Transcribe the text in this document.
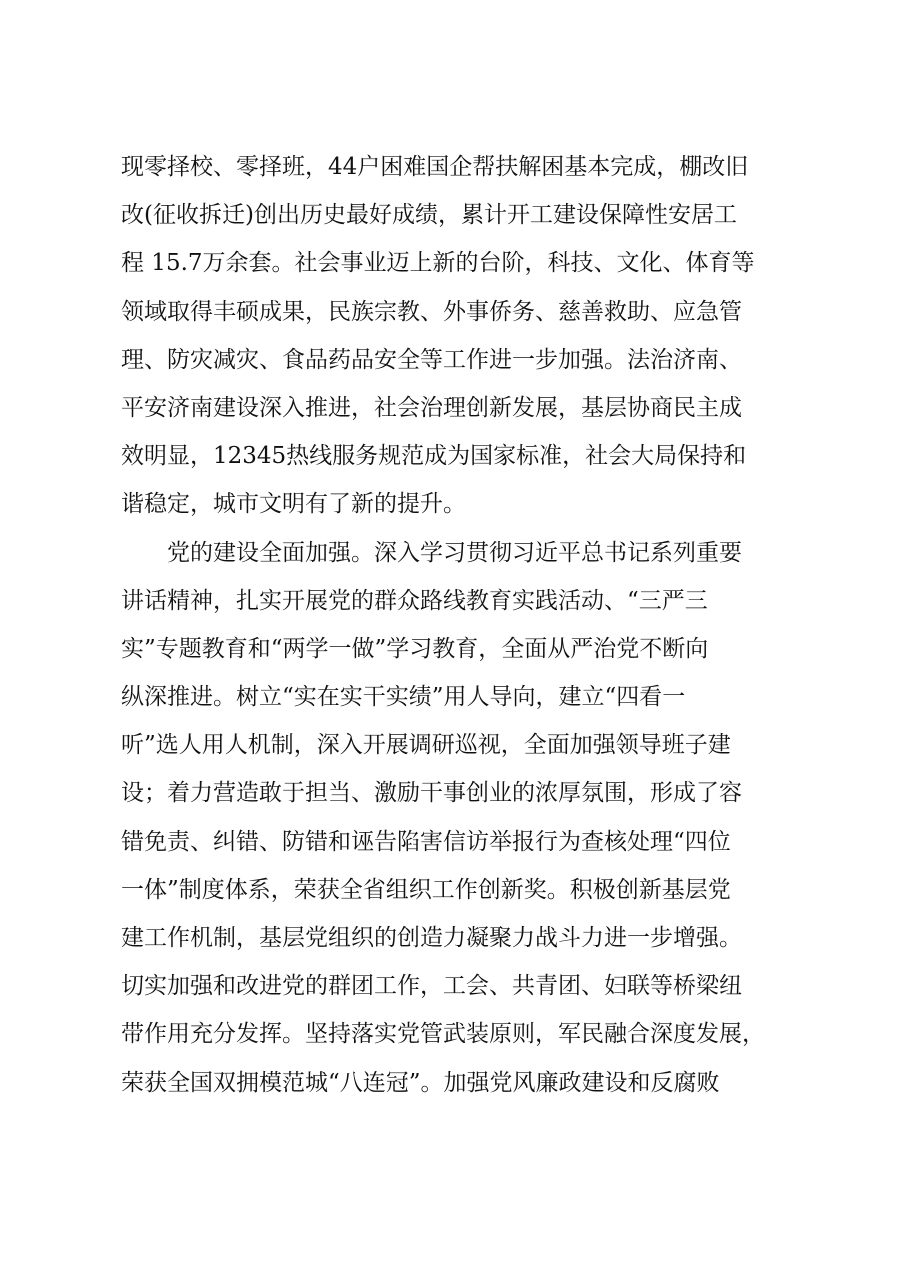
现零择校、零择班，44户困难国企帮扶解困基本完成，棚改旧
改(征收拆迁)创出历史最好成绩，累计开工建设保障性安居工
程 15.7万余套。社会事业迈上新的台阶，科技、文化、体育等
领域取得丰硕成果，民族宗教、外事侨务、慈善救助、应急管
理、防灾减灾、食品药品安全等工作进一步加强。法治济南、
平安济南建设深入推进，社会治理创新发展，基层协商民主成
效明显，12345热线服务规范成为国家标准，社会大局保持和
谐稳定，城市文明有了新的提升。
　　党的建设全面加强。深入学习贯彻习近平总书记系列重要
讲话精神，扎实开展党的群众路线教育实践活动、“三严三
实”专题教育和“两学一做”学习教育，全面从严治党不断向
纵深推进。树立“实在实干实绩”用人导向，建立“四看一
听”选人用人机制，深入开展调研巡视，全面加强领导班子建
设；着力营造敢于担当、激励干事创业的浓厚氛围，形成了容
错免责、纠错、防错和诬告陷害信访举报行为查核处理“四位
一体”制度体系，荣获全省组织工作创新奖。积极创新基层党
建工作机制，基层党组织的创造力凝聚力战斗力进一步增强。
切实加强和改进党的群团工作，工会、共青团、妇联等桥梁纽
带作用充分发挥。坚持落实党管武装原则，军民融合深度发展，
荣获全国双拥模范城“八连冠”。加强党风廉政建设和反腐败
